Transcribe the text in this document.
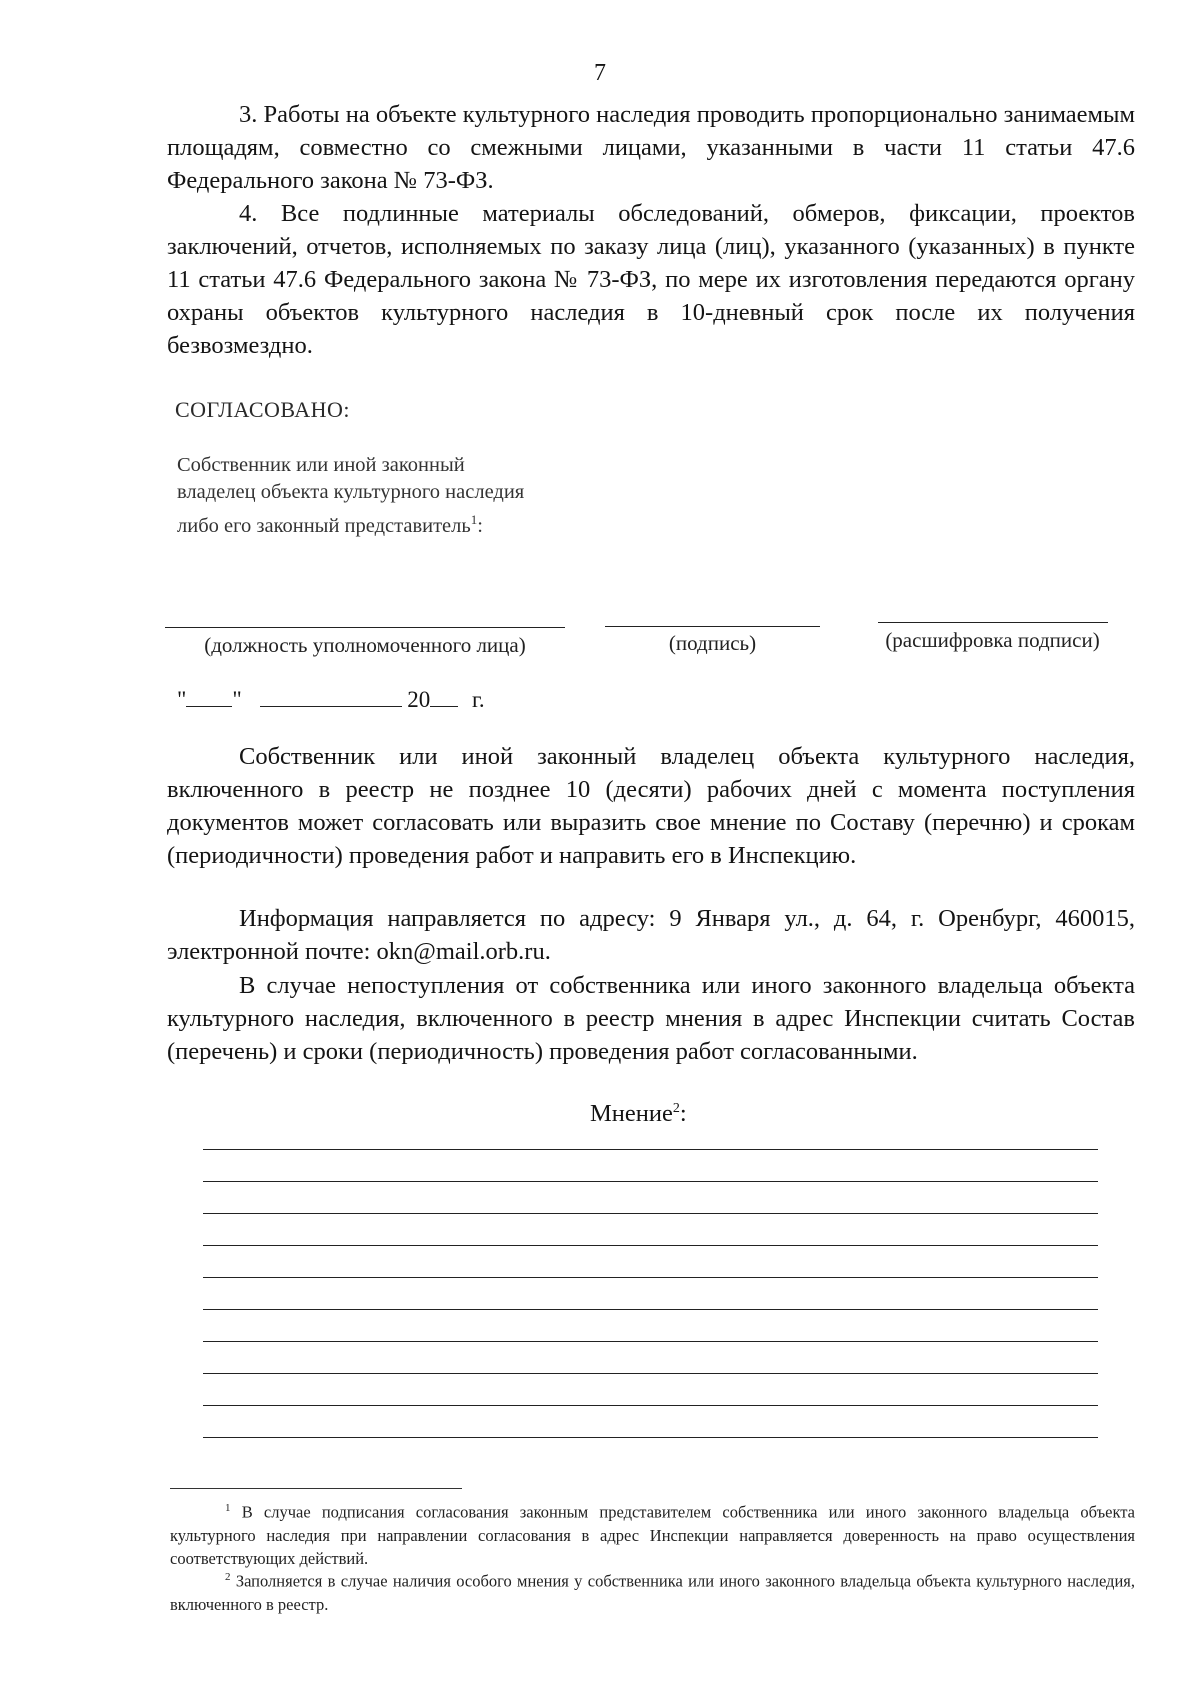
7

3. Работы на объекте культурного наследия проводить пропорционально занимаемым площадям, совместно со смежными лицами, указанными в части 11 статьи 47.6 Федерального закона № 73-ФЗ.

4. Все подлинные материалы обследований, обмеров, фиксации, проектов заключений, отчетов, исполняемых по заказу лица (лиц), указанного (указанных) в пункте 11 статьи 47.6 Федерального закона № 73-ФЗ, по мере их изготовления передаются органу охраны объектов культурного наследия в 10-дневный срок после их получения безвозмездно.

СОГЛАСОВАНО:
Собственник или иной законный владелец объекта культурного наследия либо его законный представитель$^1$:
(должность уполномоченного лица)	(подпись)	(расшифровка подписи)
" "	20 г.

Собственник или иной законный владелец объекта культурного наследия, включенного в реестр не позднее 10 (десяти) рабочих дней с момента поступления документов может согласовать или выразить свое мнение по Составу (перечню) и срокам (периодичности) проведения работ и направить его в Инспекцию.

Информация направляется по адресу: 9 Января ул., д. 64, г. Оренбург, 460015, электронной почте: okn@mail.orb.ru.

В случае непоступления от собственника или иного законного владельца объекта культурного наследия, включенного в реестр мнения в адрес Инспекции считать Состав (перечень) и сроки (периодичность) проведения работ согласованными.

Мнение$^2$:

$^1$ В случае подписания согласования законным представителем собственника или иного законного владельца объекта культурного наследия при направлении согласования в адрес Инспекции направляется доверенность на право осуществления соответствующих действий.

$^2$ Заполняется в случае наличия особого мнения у собственника или иного законного владельца объекта культурного наследия, включенного в реестр.
